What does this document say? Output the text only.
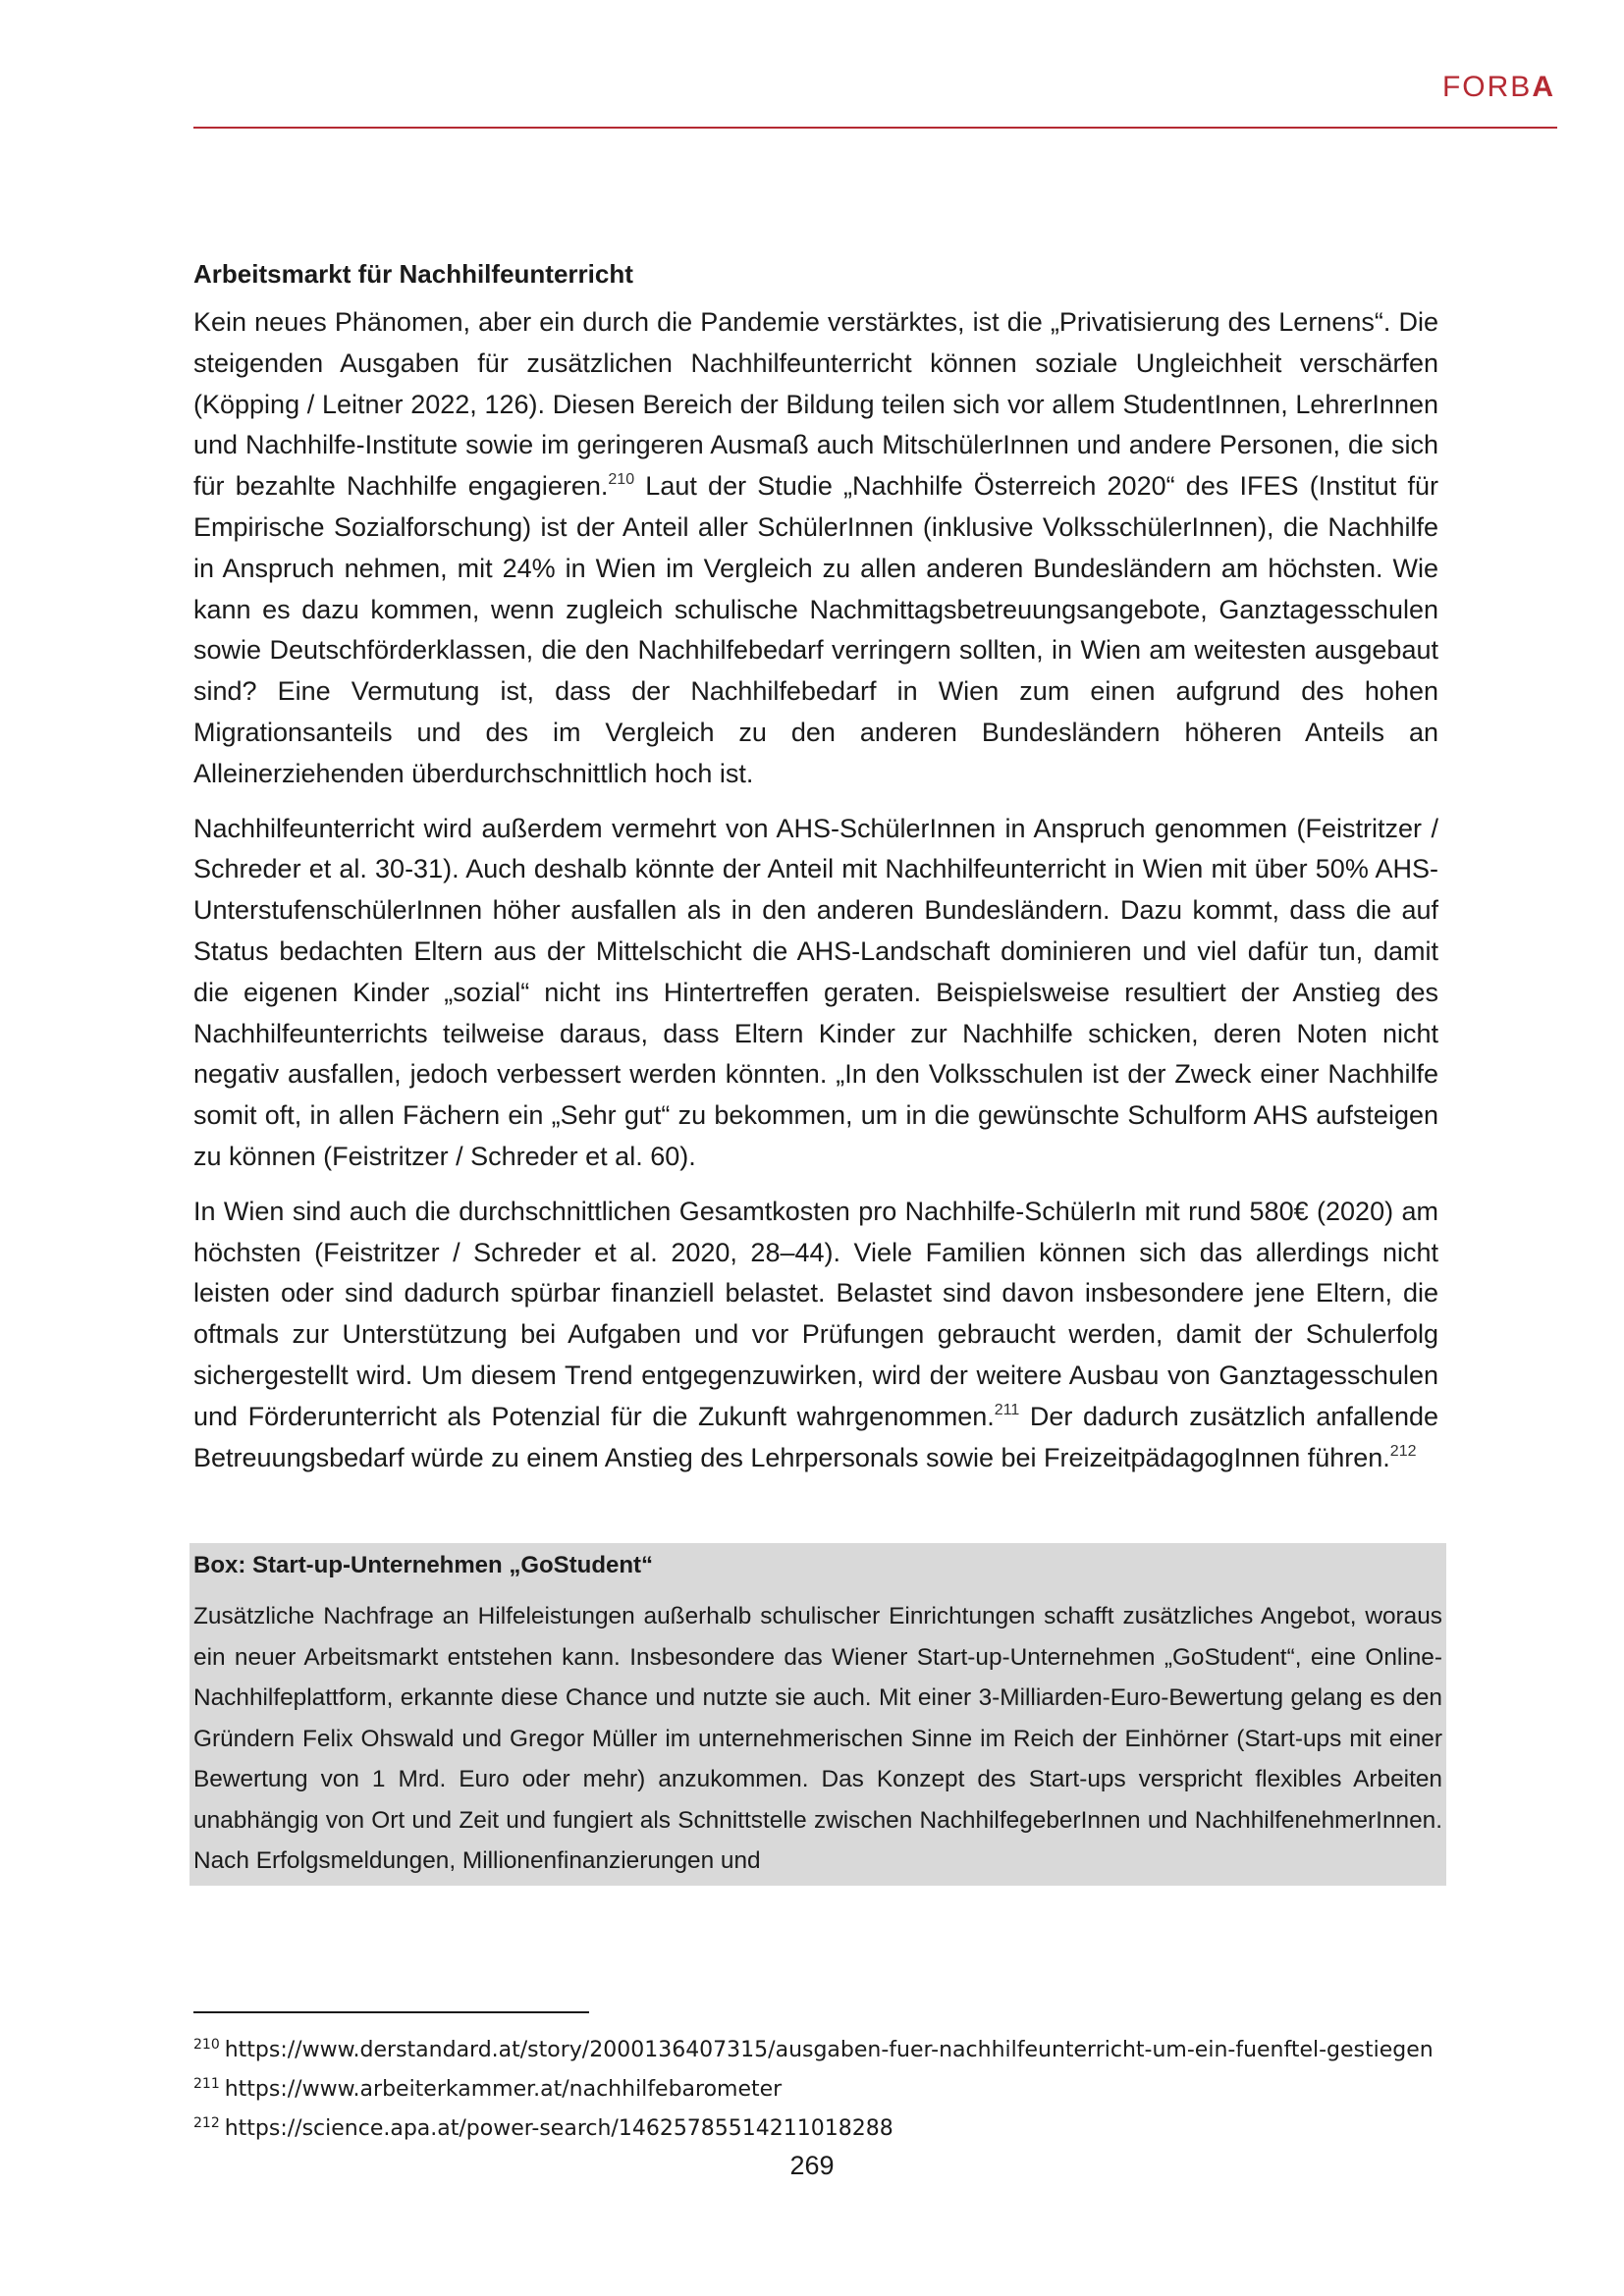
FORBA
Arbeitsmarkt für Nachhilfeunterricht

Kein neues Phänomen, aber ein durch die Pandemie verstärktes, ist die „Privatisierung des Lernens“. Die steigenden Ausgaben für zusätzlichen Nachhilfeunterricht können soziale Ungleichheit verschärfen (Köpping / Leitner 2022, 126). Diesen Bereich der Bildung teilen sich vor allem StudentInnen, LehrerInnen und Nachhilfe-Institute sowie im geringeren Ausmaß auch MitschülerInnen und andere Personen, die sich für bezahlte Nachhilfe engagieren.$^{210}$ Laut der Studie „Nachhilfe Österreich 2020“ des IFES (Institut für Empirische Sozialforschung) ist der Anteil aller SchülerInnen (inklusive VolksschülerInnen), die Nachhilfe in Anspruch nehmen, mit 24% in Wien im Vergleich zu allen anderen Bundesländern am höchsten. Wie kann es dazu kommen, wenn zugleich schulische Nachmittagsbetreuungsangebote, Ganztagesschulen sowie Deutschförderklassen, die den Nachhilfebedarf verringern sollten, in Wien am weitesten ausgebaut sind? Eine Vermutung ist, dass der Nachhilfebedarf in Wien zum einen aufgrund des hohen Migrationsanteils und des im Vergleich zu den anderen Bundesländern höheren Anteils an Alleinerziehenden überdurchschnittlich hoch ist.

Nachhilfeunterricht wird außerdem vermehrt von AHS-SchülerInnen in Anspruch genommen (Feistritzer / Schreder et al. 30-31). Auch deshalb könnte der Anteil mit Nachhilfeunterricht in Wien mit über 50% AHS-UnterstufenschülerInnen höher ausfallen als in den anderen Bundesländern. Dazu kommt, dass die auf Status bedachten Eltern aus der Mittelschicht die AHS-Landschaft dominieren und viel dafür tun, damit die eigenen Kinder „sozial“ nicht ins Hintertreffen geraten. Beispielsweise resultiert der Anstieg des Nachhilfeunterrichts teilweise daraus, dass Eltern Kinder zur Nachhilfe schicken, deren Noten nicht negativ ausfallen, jedoch verbessert werden könnten. „In den Volksschulen ist der Zweck einer Nachhilfe somit oft, in allen Fächern ein „Sehr gut“ zu bekommen, um in die gewünschte Schulform AHS aufsteigen zu können (Feistritzer / Schreder et al. 60).

In Wien sind auch die durchschnittlichen Gesamtkosten pro Nachhilfe-SchülerIn mit rund 580€ (2020) am höchsten (Feistritzer / Schreder et al. 2020, 28–44). Viele Familien können sich das allerdings nicht leisten oder sind dadurch spürbar finanziell belastet. Belastet sind davon insbesondere jene Eltern, die oftmals zur Unterstützung bei Aufgaben und vor Prüfungen gebraucht werden, damit der Schulerfolg sichergestellt wird. Um diesem Trend entgegenzuwirken, wird der weitere Ausbau von Ganztagesschulen und Förderunterricht als Potenzial für die Zukunft wahrgenommen.$^{211}$ Der dadurch zusätzlich anfallende Betreuungsbedarf würde zu einem Anstieg des Lehrpersonals sowie bei FreizeitpädagogInnen führen.$^{212}$

Box: Start-up-Unternehmen „GoStudent“

Zusätzliche Nachfrage an Hilfeleistungen außerhalb schulischer Einrichtungen schafft zusätzliches Angebot, woraus ein neuer Arbeitsmarkt entstehen kann. Insbesondere das Wiener Start-up-Unternehmen „GoStudent“, eine Online-Nachhilfeplattform, erkannte diese Chance und nutzte sie auch. Mit einer 3-Milliarden-Euro-Bewertung gelang es den Gründern Felix Ohswald und Gregor Müller im unternehmerischen Sinne im Reich der Einhörner (Start-ups mit einer Bewertung von 1 Mrd. Euro oder mehr) anzukommen. Das Konzept des Start-ups verspricht flexibles Arbeiten unabhängig von Ort und Zeit und fungiert als Schnittstelle zwischen NachhilfegeberInnen und NachhilfenehmerInnen. Nach Erfolgsmeldungen, Millionenfinanzierungen und

$^{210}$ https://www.derstandard.at/story/2000136407315/ausgaben-fuer-nachhilfeunterricht-um-ein-fuenftel-gestiegen
$^{211}$ https://www.arbeiterkammer.at/nachhilfebarometer
$^{212}$ https://science.apa.at/power-search/14625785514211018288
269
